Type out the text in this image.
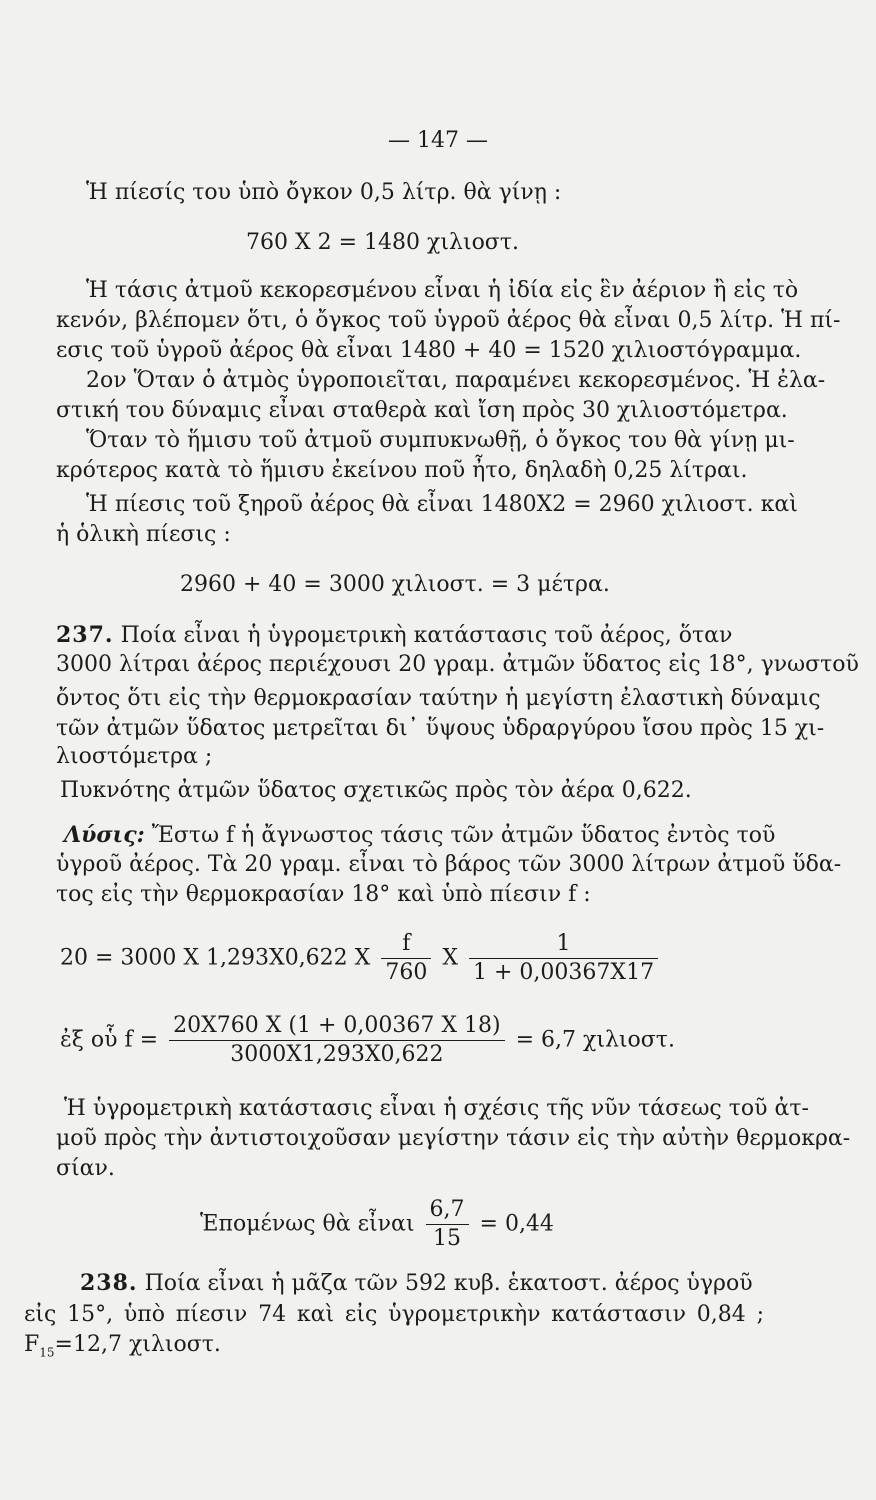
— 147 —
Ἡ πίεσίς του ὑπὸ ὄγκον 0,5 λίτρ. θὰ γίνῃ :
760 X 2 = 1480 χιλιοστ.
Ἡ τάσις ἀτμοῦ κεκορεσμένου εἶναι ἡ ἰδία εἰς ἓν ἀέριον ἢ εἰς τὸ
κενόν, βλέπομεν ὅτι, ὁ ὄγκος τοῦ ὑγροῦ ἀέρος θὰ εἶναι 0,5 λίτρ. Ἡ πί-
εσις τοῦ ὑγροῦ ἀέρος θὰ εἶναι 1480 + 40 = 1520 χιλιοστόγραμμα.
2ον Ὅταν ὁ ἀτμὸς ὑγροποιεῖται, παραμένει κεκορεσμένος. Ἡ ἐλα-
στική του δύναμις εἶναι σταθερὰ καὶ ἴση πρὸς 30 χιλιοστόμετρα.
Ὅταν τὸ ἥμισυ τοῦ ἀτμοῦ συμπυκνωθῇ, ὁ ὄγκος του θὰ γίνῃ μι-
κρότερος κατὰ τὸ ἥμισυ ἐκείνου ποῦ ἦτο, δηλαδὴ 0,25 λίτραι.
Ἡ πίεσις τοῦ ξηροῦ ἀέρος θὰ εἶναι 1480X2 = 2960 χιλιοστ. καὶ
ἡ ὁλικὴ πίεσις :
2960 + 40 = 3000 χιλιοστ. = 3 μέτρα.
237. Ποία εἶναι ἡ ὑγρομετρικὴ κατάστασις τοῦ ἀέρος, ὅταν
3000 λίτραι ἀέρος περιέχουσι 20 γραμ. ἀτμῶν ὕδατος εἰς 18°, γνωστοῦ
ὄντος ὅτι εἰς τὴν θερμοκρασίαν ταύτην ἡ μεγίστη ἐλαστικὴ δύναμις
τῶν ἀτμῶν ὕδατος μετρεῖται δι᾽ ὕψους ὑδραργύρου ἴσου πρὸς 15 χι-
λιοστόμετρα ;
Πυκνότης ἀτμῶν ὕδατος σχετικῶς πρὸς τὸν ἀέρα 0,622.
Λύσις: Ἔστω f ἡ ἄγνωστος τάσις τῶν ἀτμῶν ὕδατος ἐντὸς τοῦ
ὑγροῦ ἀέρος. Τὰ 20 γραμ. εἶναι τὸ βάρος τῶν 3000 λίτρων ἀτμοῦ ὕδα-
τος εἰς τὴν θερμοκρασίαν 18° καὶ ὑπὸ πίεσιν f :
20 = 3000 X 1,293X0,622 X $\frac{f}{760}$ X $\frac{1}{1 + 0,00367X17}$
ἐξ οὗ $f = \frac{20X760 X (1 + 0,00367 X 18)}{3000X1,293X0,622} = 6,7$ χιλιοστ.
Ἡ ὑγρομετρικὴ κατάστασις εἶναι ἡ σχέσις τῆς νῦν τάσεως τοῦ ἀτ-
μοῦ πρὸς τὴν ἀντιστοιχοῦσαν μεγίστην τάσιν εἰς τὴν αὐτὴν θερμοκρα-
σίαν.
Ἑπομένως θὰ εἶναι $\frac{6,7}{15} = 0,44$
238. Ποία εἶναι ἡ μᾶζα τῶν 592 κυβ. ἑκατοστ. ἀέρος ὑγροῦ
εἰς 15°, ὑπὸ πίεσιν 74 καὶ εἰς ὑγρομετρικὴν κατάστασιν 0,84 ;
$F_{15}=12,7$ χιλιοστ.
